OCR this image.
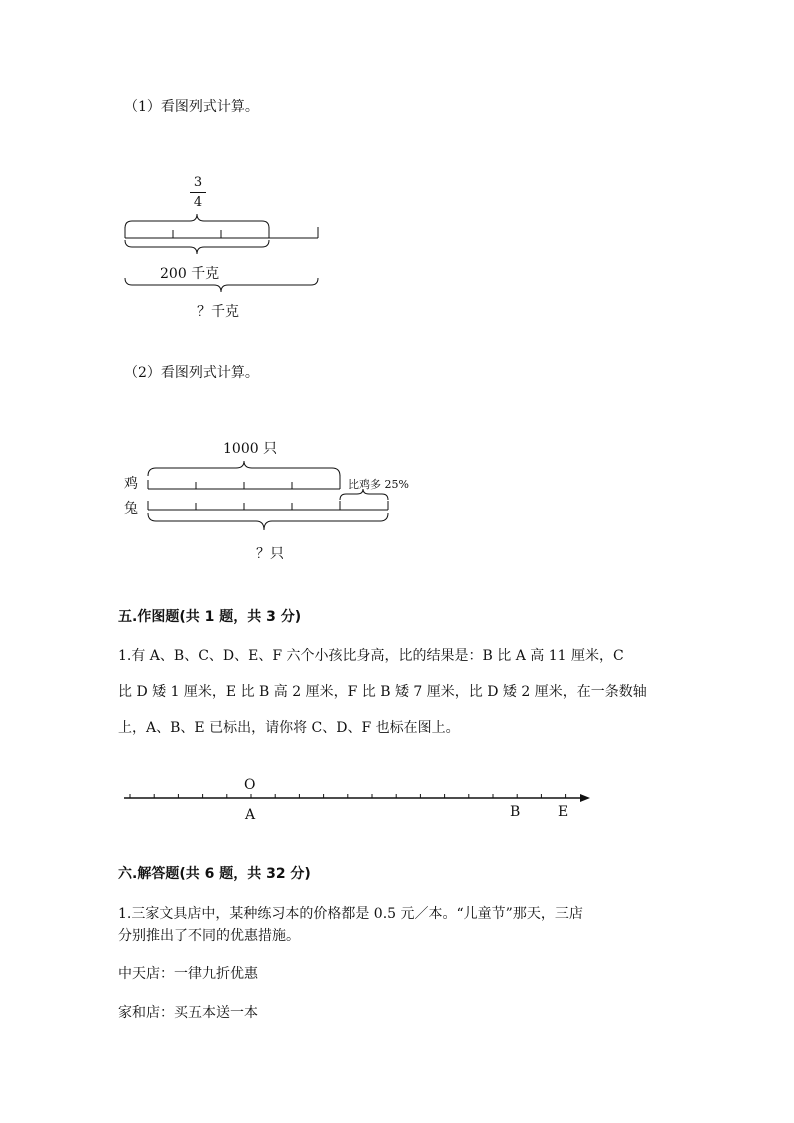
（1）看图列式计算。
3
4
200 千克
？千克
（2）看图列式计算。
1000 只
鸡
兔
比鸡多 25%
？只
五.作图题(共 1 题，共 3 分)
1.有 A、B、C、D、E、F 六个小孩比身高，比的结果是：B 比 A 高 11 厘米，C
比 D 矮 1 厘米，E 比 B 高 2 厘米，F 比 B 矮 7 厘米，比 D 矮 2 厘米，在一条数轴
上，A、B、E 已标出，请你将 C、D、F 也标在图上。
O
A	B	E
六.解答题(共 6 题，共 32 分)
1.三家文具店中，某种练习本的价格都是 0.5 元／本。“儿童节”那天，三店
分别推出了不同的优惠措施。
中天店：一律九折优惠
家和店：买五本送一本
